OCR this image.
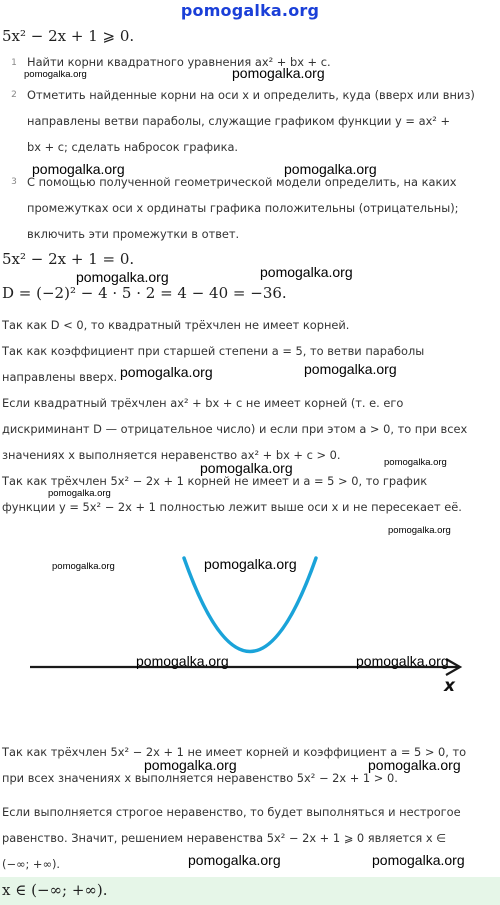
pomogalka.org
5x² − 2x + 1 ⩾ 0.
1 Найти корни квадратного уравнения ax² + bx + c.
2 Отметить найденные корни на оси x и определить, куда (вверх или вниз)
направлены ветви параболы, служащие графиком функции y = ax² +
bx + c; сделать набросок графика.
3 С помощью полученной геометрической модели определить, на каких
промежутках оси x ординаты графика положительны (отрицательны);
включить эти промежутки в ответ.
5x² − 2x + 1 = 0.
D = (−2)² − 4 · 5 · 2 = 4 − 40 = −36.
Так как D < 0, то квадратный трёхчлен не имеет корней.
Так как коэффициент при старшей степени a = 5, то ветви параболы
направлены вверх.
Если квадратный трёхчлен ax² + bx + c не имеет корней (т. е. его
дискриминант D — отрицательное число) и если при этом a > 0, то при всех
значениях x выполняется неравенство ax² + bx + c > 0.
Так как трёхчлен 5x² − 2x + 1 корней не имеет и a = 5 > 0, то график
функции y = 5x² − 2x + 1 полностью лежит выше оси x и не пересекает её.
x
Так как трёхчлен 5x² − 2x + 1 не имеет корней и коэффициент a = 5 > 0, то
при всех значениях x выполняется неравенство 5x² − 2x + 1 > 0.
Если выполняется строгое неравенство, то будет выполняться и нестрогое
равенство. Значит, решением неравенства 5x² − 2x + 1 ⩾ 0 является x ∈
(−∞; +∞).
x ∈ (−∞; +∞).
pomogalka.org	pomogalka.org
pomogalka.org	pomogalka.org
pomogalka.org	pomogalka.org
pomogalka.org	pomogalka.org
pomogalka.org	pomogalka.org
pomogalka.org
pomogalka.org
pomogalka.org	pomogalka.org
pomogalka.org	pomogalka.org
pomogalka.org	pomogalka.org
pomogalka.org	pomogalka.org
